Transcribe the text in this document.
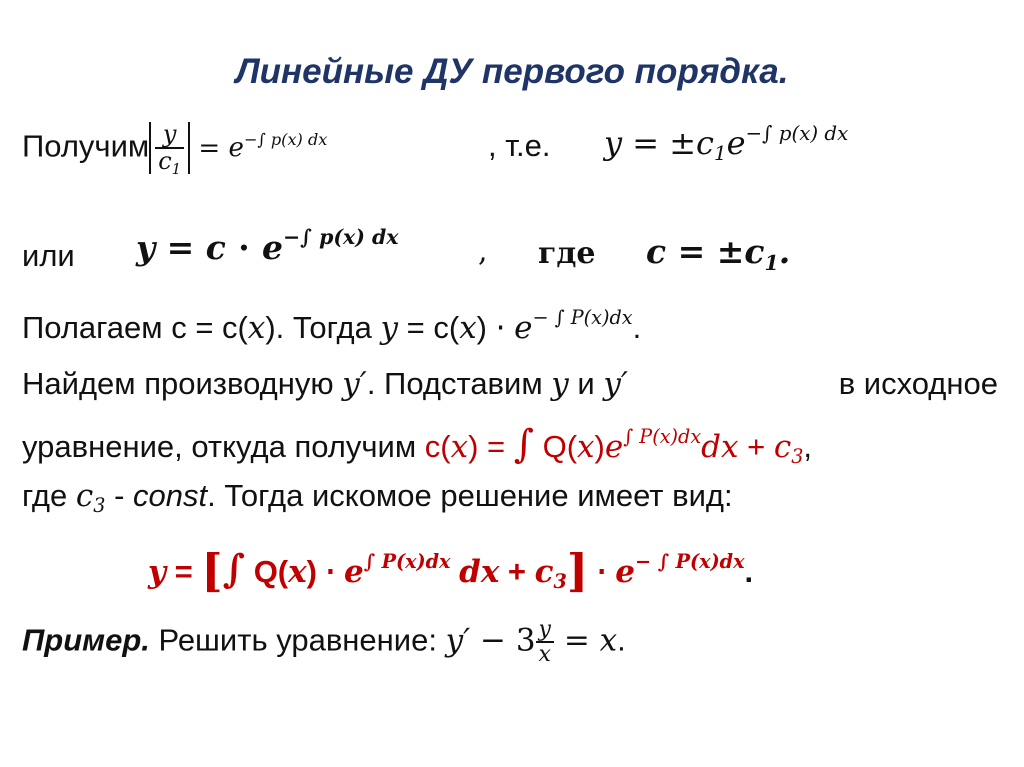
Линейные ДУ первого порядка.
Получим $\frac{y}{c1} = e^{-\int p(x) dx}$	, т.е. $y = \pm c1e^{-\int p(x) dx}$
или $y = c \cdot e^{-\int p(x) dx}$	, где c = ±c1.
Полагаем с = с(x). Тогда $y = с(x) \cdot e^{- \int P(x)dx}$.
Найдем производную y′. Подставим y и y′	в исходное
уравнение, откуда получим с(x) = ∫ $Q(x)e^{\int P(x)dx}dx + c3$,
где c3 - const. Тогда искомое решение имеет вид:
y = [∫ $Q(x) \cdot e^{\int P(x)dx}$ dx + $c3] \cdot e^{- \int P(x)dx}$.
Пример. Решить уравнение: $y' - 3 \frac{y}{x} = x$.
